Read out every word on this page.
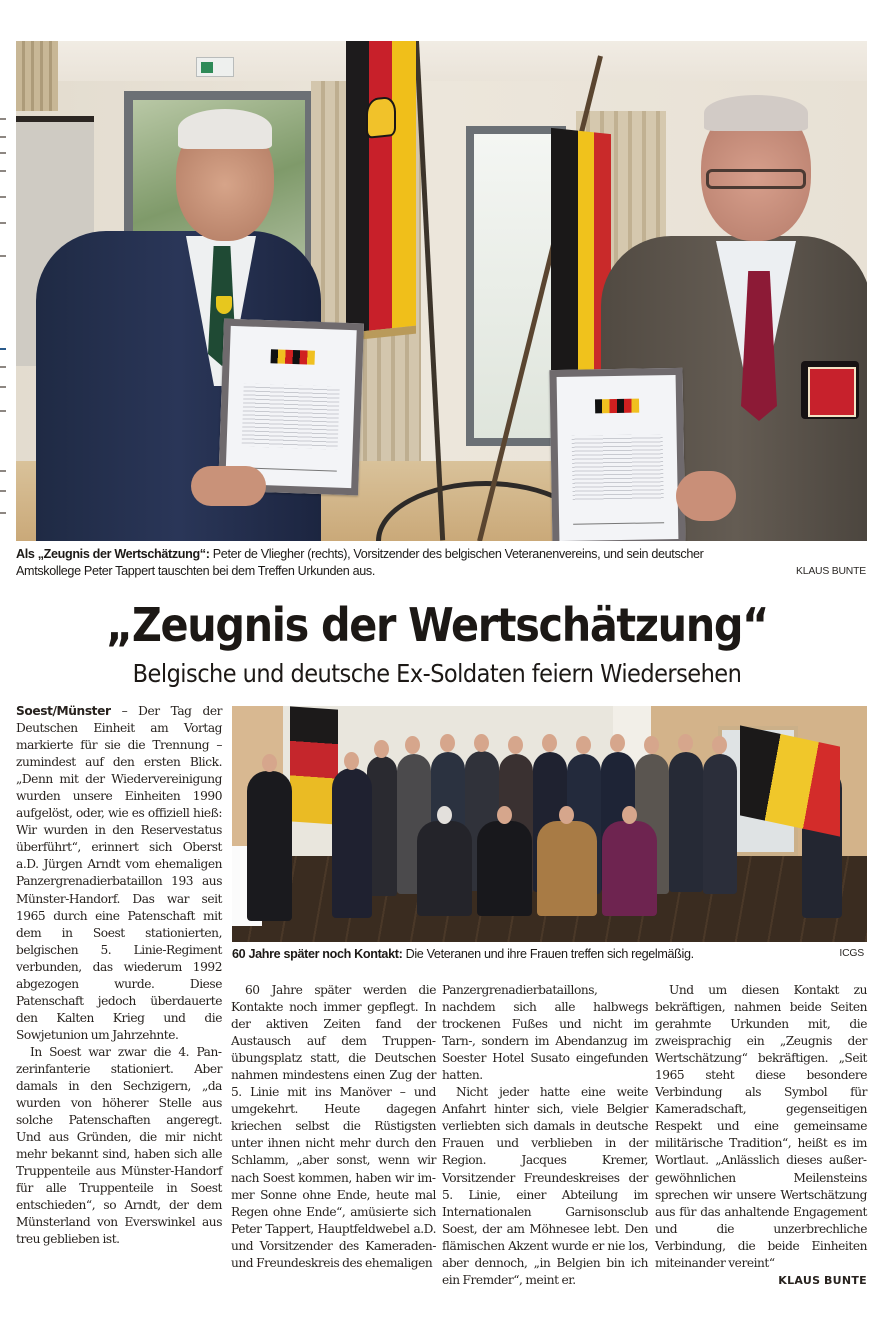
Als „Zeugnis der Wertschätzung“: Peter de Vliegher (rechts), Vorsitzender des belgischen Veteranenvereins, und sein deutscher
Amtskollege Peter Tappert tauschten bei dem Treffen Urkunden aus.	KLAUS BUNTE
„Zeugnis der Wertschätzung“
Belgische und deutsche Ex-Soldaten feiern Wiedersehen

Soest/Münster – Der Tag der Deutschen Einheit am Vortag markierte für sie die Trennung – zumindest auf den ersten Blick. „Denn mit der Wiedervereinigung wurden unsere Einheiten 1990 aufgelöst, oder, wie es offiziell hieß: Wir wurden in den Reservestatus überführt“, erinnert sich Oberst a.D. Jürgen Arndt vom ehemaligen Panzergrenadierbataillon 193 aus Münster-Handorf. Das war seit 1965 durch eine Patenschaft mit dem in Soest stationierten, belgischen 5. Linie-Regiment verbunden, das wiederum 1992 abgezogen wurde. Diese Patenschaft jedoch überdauerte den Kalten Krieg und die Sowjetunion um Jahrzehnte.

In Soest war zwar die 4. Panzerinfanterie stationiert. Aber damals in den Sechzigern, „da wurden von höherer Stelle aus solche Patenschaften angeregt. Und aus Gründen, die mir nicht mehr bekannt sind, haben sich alle Truppenteile aus Münster-Handorf für alle Truppenteile in Soest entschieden“, so Arndt, der dem Münsterland von Everswinkel aus treu geblieben ist.

60 Jahre später noch Kontakt: Die Veteranen und ihre Frauen treffen sich regelmäßig.	ICGS

60 Jahre später werden die Kontakte noch immer gepflegt. In der aktiven Zeiten fand der Austausch auf dem Truppenübungsplatz statt, die Deutschen nahmen mindestens einen Zug der 5. Linie mit ins Manöver – und umgekehrt. Heute dagegen kriechen selbst die Rüstigsten unter ihnen nicht mehr durch den Schlamm, „aber sonst, wenn wir nach Soest kommen, haben wir immer Sonne ohne Ende, heute mal Regen ohne Ende“, amüsierte sich Peter Tappert, Hauptfeldwebel a.D. und Vorsitzender des Kameraden- und Freundeskreis des ehemaligen

Panzergrenadierbataillons, nachdem sich alle halbwegs trockenen Fußes und nicht im Tarn-, sondern im Abendanzug im Soester Hotel Susato eingefunden hatten.

Nicht jeder hatte eine weite Anfahrt hinter sich, viele Belgier verliebten sich damals in deutsche Frauen und verblieben in der Region. Jacques Kremer, Vorsitzender Freundeskreises der 5. Linie, einer Abteilung im Internationalen Garnisonsclub Soest, der am Möhnesee lebt. Den flämischen Akzent wurde er nie los, aber dennoch, „in Belgien bin ich ein Fremder“, meint er.

Und um diesen Kontakt zu bekräftigen, nahmen beide Seiten gerahmte Urkunden mit, die zweisprachig ein „Zeugnis der Wertschätzung“ bekräftigen. „Seit 1965 steht diese besondere Verbindung als Symbol für Kameradschaft, gegenseitigen Respekt und eine gemeinsame militärische Tradition“, heißt es im Wortlaut. „Anlässlich dieses außergewöhnlichen Meilensteins sprechen wir unsere Wertschätzung aus für das anhaltende Engagement und die unzerbrechliche Verbindung, die beide Einheiten miteinander vereint“
KLAUS BUNTE
